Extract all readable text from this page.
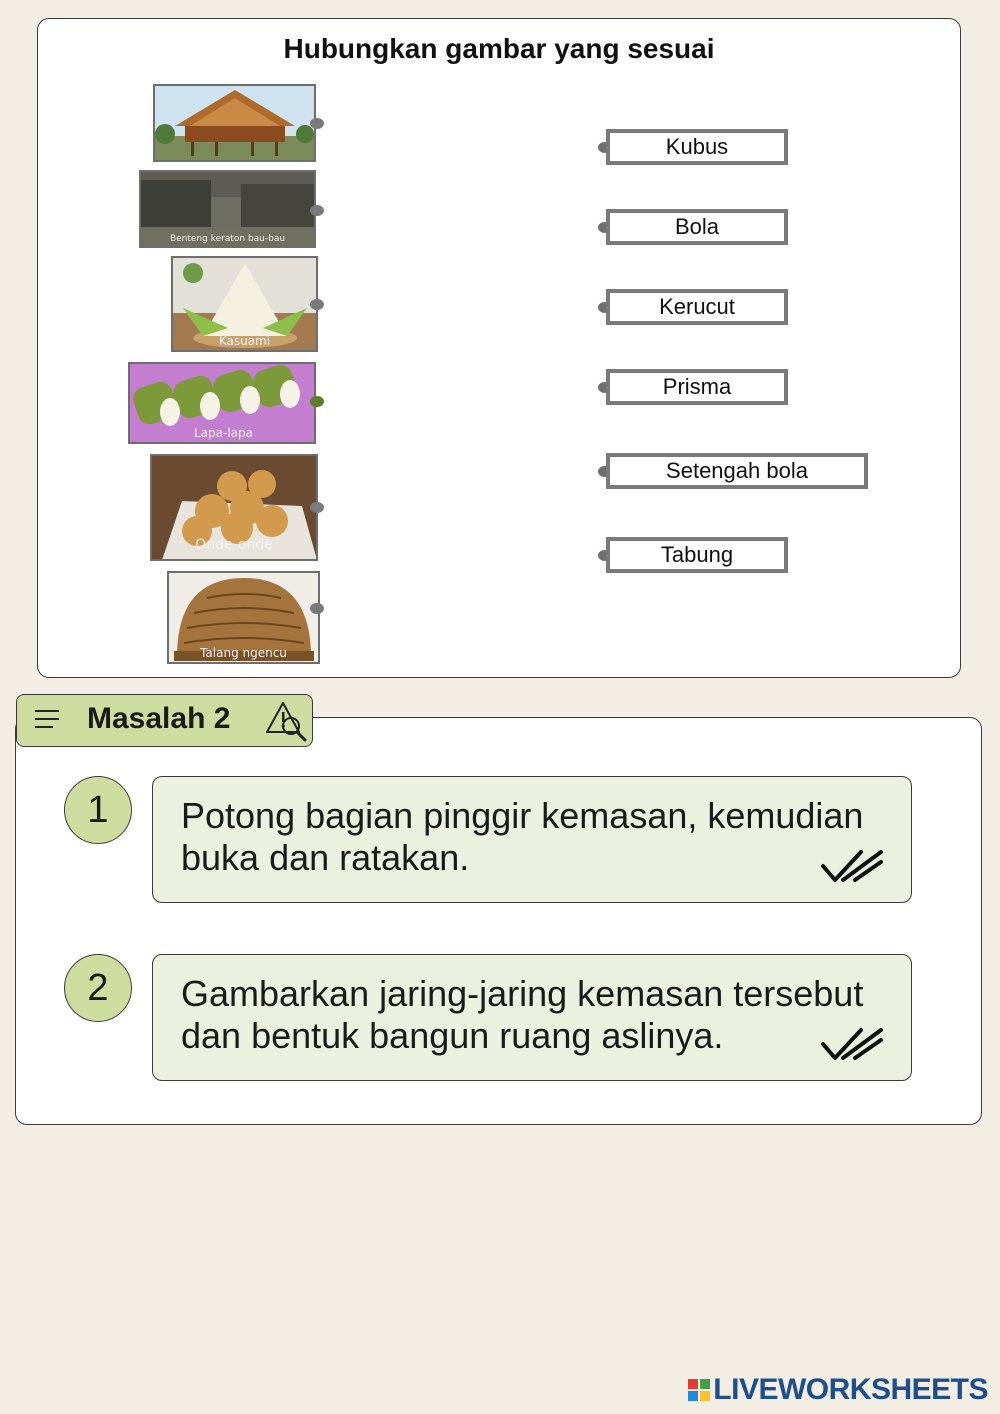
Hubungkan gambar yang sesuai
Benteng keraton bau-bau
Kasuami
Lapa-lapa
Onde-onde
Talang ngencu
Kubus
Bola
Kerucut
Prisma
Setengah bola
Tabung
Masalah 2
1	Potong bagian pinggir kemasan, kemudian buka dan ratakan.
2	Gambarkan jaring-jaring kemasan tersebut dan bentuk bangun ruang aslinya.
LIVEWORKSHEETS
